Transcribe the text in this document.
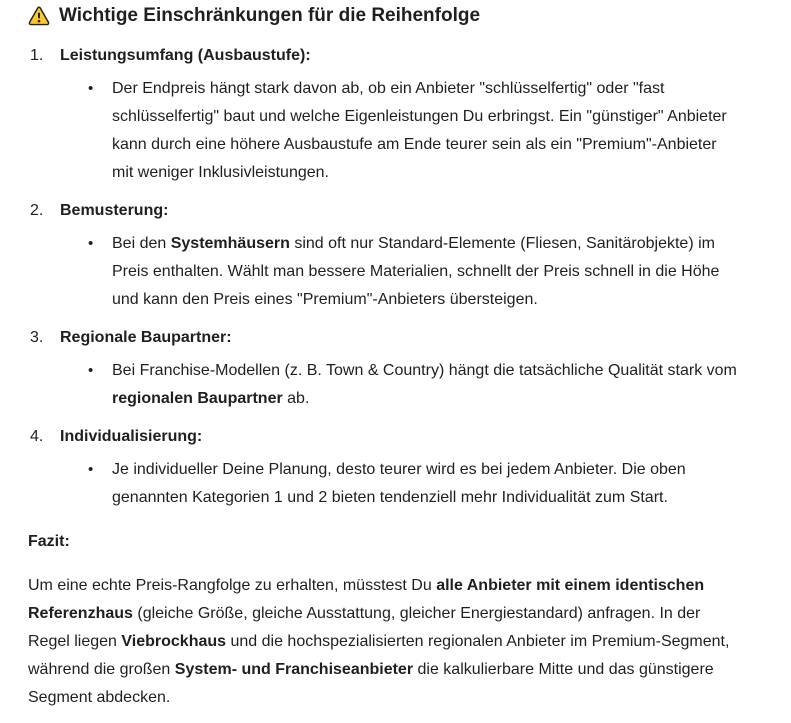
Wichtige Einschränkungen für die Reihenfolge
1.	Leistungsumfang (Ausbaustufe):
•	Der Endpreis hängt stark davon ab, ob ein Anbieter "schlüsselfertig" oder "fast schlüsselfertig" baut und welche Eigenleistungen Du erbringst. Ein "günstiger" Anbieter kann durch eine höhere Ausbaustufe am Ende teurer sein als ein "Premium"-Anbieter mit weniger Inklusivleistungen.

2.	Bemusterung:
•	Bei den Systemhäusern sind oft nur Standard-Elemente (Fliesen, Sanitärobjekte) im Preis enthalten. Wählt man bessere Materialien, schnellt der Preis schnell in die Höhe und kann den Preis eines "Premium"-Anbieters übersteigen.

3.	Regionale Baupartner:
•	Bei Franchise-Modellen (z. B. Town & Country) hängt die tatsächliche Qualität stark vom regionalen Baupartner ab.

4.	Individualisierung:
•	Je individueller Deine Planung, desto teurer wird es bei jedem Anbieter. Die oben genannten Kategorien 1 und 2 bieten tendenziell mehr Individualität zum Start.

Fazit:

Um eine echte Preis-Rangfolge zu erhalten, müsstest Du alle Anbieter mit einem identischen Referenzhaus (gleiche Größe, gleiche Ausstattung, gleicher Energiestandard) anfragen. In der Regel liegen Viebrockhaus und die hochspezialisierten regionalen Anbieter im Premium-Segment, während die großen System- und Franchiseanbieter die kalkulierbare Mitte und das günstigere Segment abdecken.
